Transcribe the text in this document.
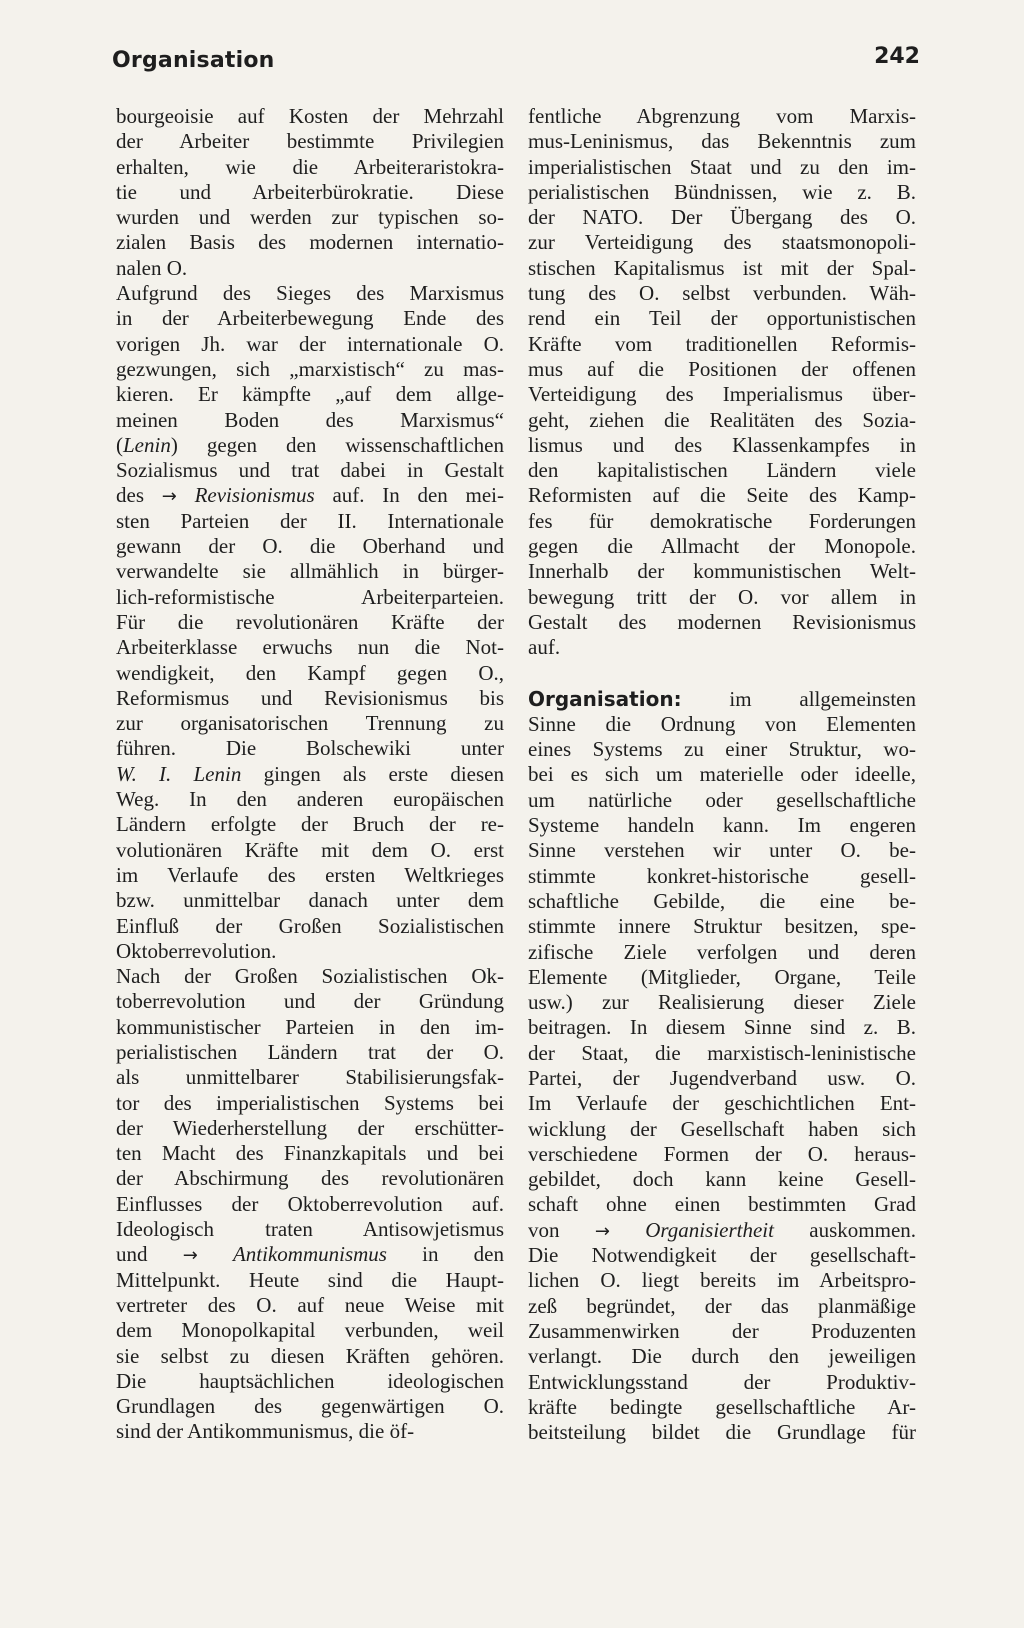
Organisation	242
bourgeoisie auf Kosten der Mehrzahl
der Arbeiter bestimmte Privilegien
erhalten, wie die Arbeiteraristokra-
tie und Arbeiterbürokratie. Diese
wurden und werden zur typischen so-
zialen Basis des modernen internatio-
nalen O.
Aufgrund des Sieges des Marxismus
in der Arbeiterbewegung Ende des
vorigen Jh. war der internationale O.
gezwungen, sich „marxistisch“ zu mas-
kieren. Er kämpfte „auf dem allge-
meinen Boden des Marxismus“
(Lenin) gegen den wissenschaftlichen
Sozialismus und trat dabei in Gestalt
des → Revisionismus auf. In den mei-
sten Parteien der II. Internationale
gewann der O. die Oberhand und
verwandelte sie allmählich in bürger-
lich-reformistische Arbeiterparteien.
Für die revolutionären Kräfte der
Arbeiterklasse erwuchs nun die Not-
wendigkeit, den Kampf gegen O.,
Reformismus und Revisionismus bis
zur organisatorischen Trennung zu
führen. Die Bolschewiki unter
W. I. Lenin gingen als erste diesen
Weg. In den anderen europäischen
Ländern erfolgte der Bruch der re-
volutionären Kräfte mit dem O. erst
im Verlaufe des ersten Weltkrieges
bzw. unmittelbar danach unter dem
Einfluß der Großen Sozialistischen
Oktoberrevolution.
Nach der Großen Sozialistischen Ok-
toberrevolution und der Gründung
kommunistischer Parteien in den im-
perialistischen Ländern trat der O.
als unmittelbarer Stabilisierungsfak-
tor des imperialistischen Systems bei
der Wiederherstellung der erschütter-
ten Macht des Finanzkapitals und bei
der Abschirmung des revolutionären
Einflusses der Oktoberrevolution auf.
Ideologisch traten Antisowjetismus
und → Antikommunismus in den
Mittelpunkt. Heute sind die Haupt-
vertreter des O. auf neue Weise mit
dem Monopolkapital verbunden, weil
sie selbst zu diesen Kräften gehören.
Die hauptsächlichen ideologischen
Grundlagen des gegenwärtigen O.
sind der Antikommunismus, die öf-
fentliche Abgrenzung vom Marxis-
mus-Leninismus, das Bekenntnis zum
imperialistischen Staat und zu den im-
perialistischen Bündnissen, wie z. B.
der NATO. Der Übergang des O.
zur Verteidigung des staatsmonopoli-
stischen Kapitalismus ist mit der Spal-
tung des O. selbst verbunden. Wäh-
rend ein Teil der opportunistischen
Kräfte vom traditionellen Reformis-
mus auf die Positionen der offenen
Verteidigung des Imperialismus über-
geht, ziehen die Realitäten des Sozia-
lismus und des Klassenkampfes in
den kapitalistischen Ländern viele
Reformisten auf die Seite des Kamp-
fes für demokratische Forderungen
gegen die Allmacht der Monopole.
Innerhalb der kommunistischen Welt-
bewegung tritt der O. vor allem in
Gestalt des modernen Revisionismus
auf.
Organisation: im allgemeinsten
Sinne die Ordnung von Elementen
eines Systems zu einer Struktur, wo-
bei es sich um materielle oder ideelle,
um natürliche oder gesellschaftliche
Systeme handeln kann. Im engeren
Sinne verstehen wir unter O. be-
stimmte konkret-historische gesell-
schaftliche Gebilde, die eine be-
stimmte innere Struktur besitzen, spe-
zifische Ziele verfolgen und deren
Elemente (Mitglieder, Organe, Teile
usw.) zur Realisierung dieser Ziele
beitragen. In diesem Sinne sind z. B.
der Staat, die marxistisch-leninistische
Partei, der Jugendverband usw. O.
Im Verlaufe der geschichtlichen Ent-
wicklung der Gesellschaft haben sich
verschiedene Formen der O. heraus-
gebildet, doch kann keine Gesell-
schaft ohne einen bestimmten Grad
von → Organisiertheit auskommen.
Die Notwendigkeit der gesellschaft-
lichen O. liegt bereits im Arbeitspro-
zeß begründet, der das planmäßige
Zusammenwirken der Produzenten
verlangt. Die durch den jeweiligen
Entwicklungsstand der Produktiv-
kräfte bedingte gesellschaftliche Ar-
beitsteilung bildet die Grundlage für
